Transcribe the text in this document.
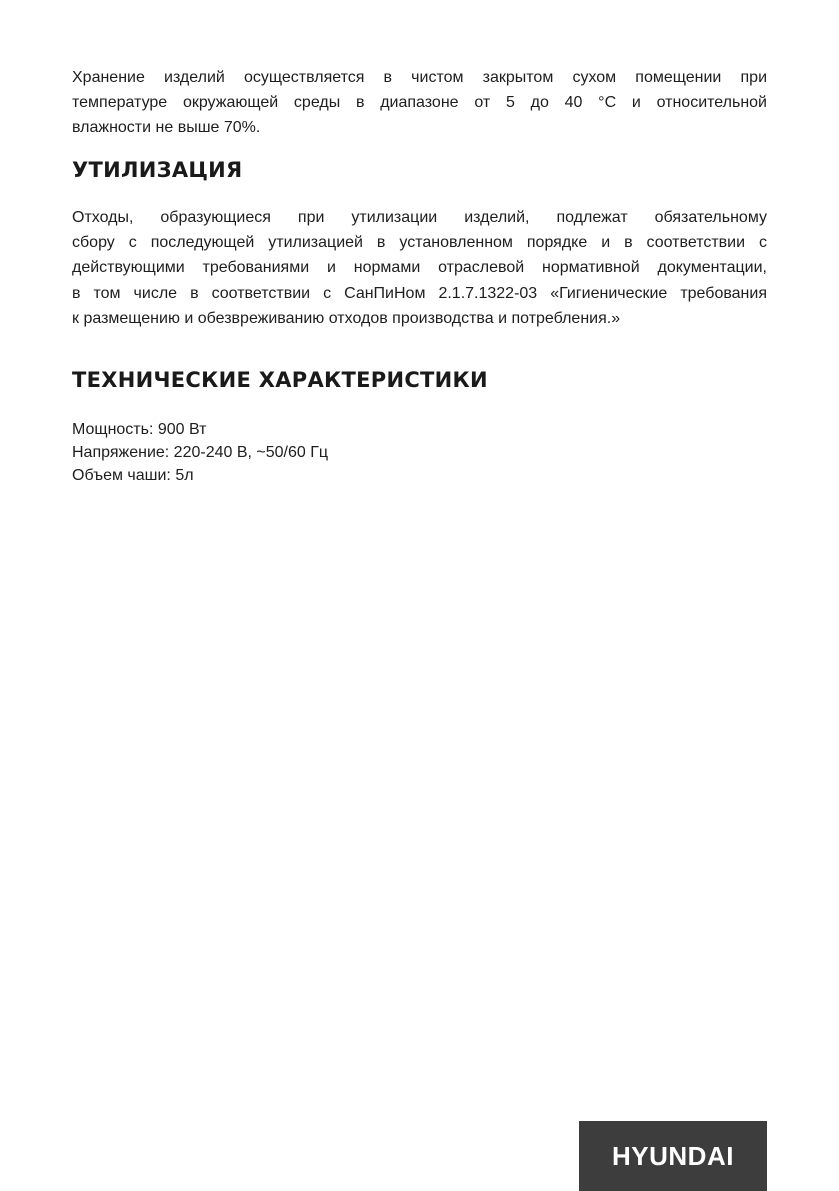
Хранение изделий осуществляется в чистом закрытом сухом помещении при
температуре окружающей среды в диапазоне от 5 до 40 °С и относительной
влажности не выше 70%.
УТИЛИЗАЦИЯ
Отходы, образующиеся при утилизации изделий, подлежат обязательному
сбору с последующей утилизацией в установленном порядке и в соответствии с
действующими требованиями и нормами отраслевой нормативной документации,
в том числе в соответствии с СанПиНом 2.1.7.1322-03 «Гигиенические требования
к размещению и обезвреживанию отходов производства и потребления.»
ТЕХНИЧЕСКИЕ ХАРАКТЕРИСТИКИ
Мощность: 900 Вт
Напряжение: 220-240 В, ~50/60 Гц
Объем чаши: 5л
HYUNDAI
